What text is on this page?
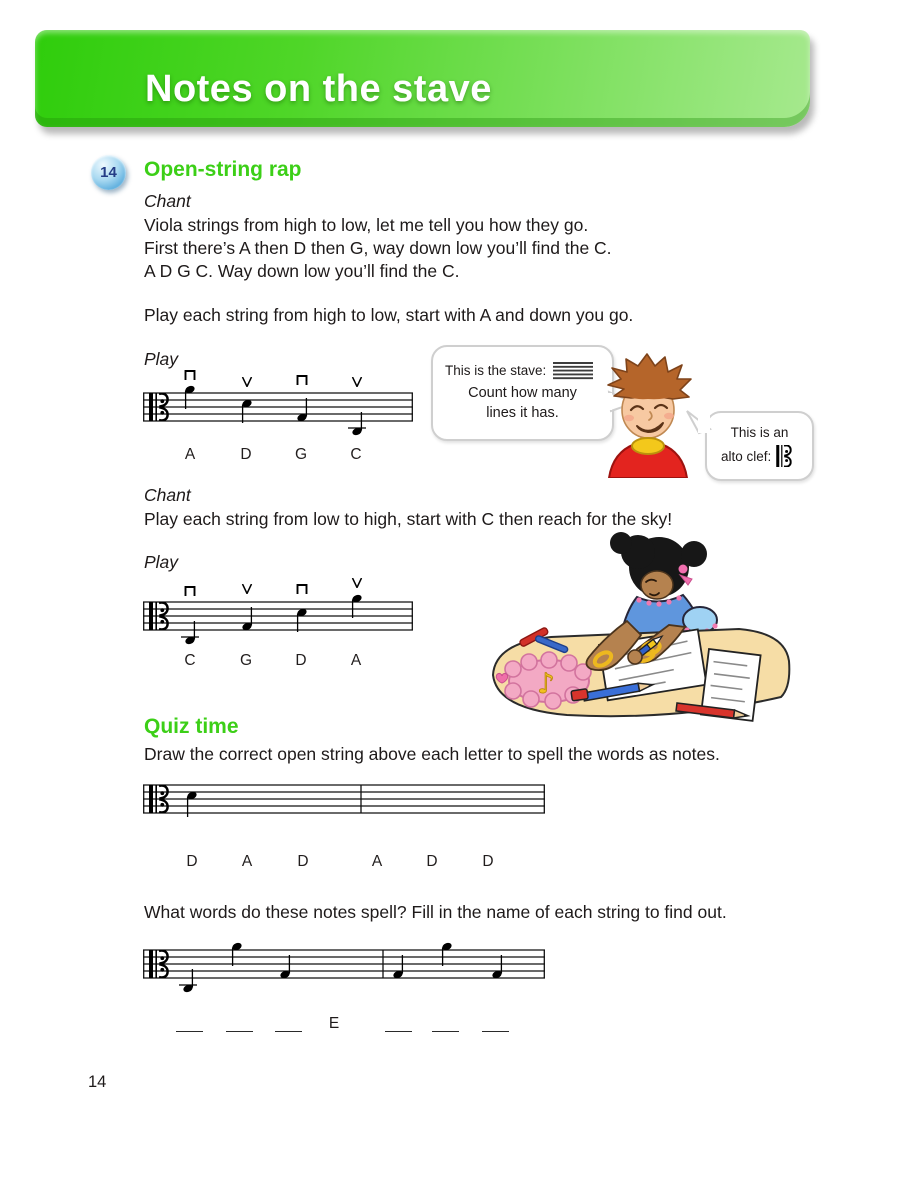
Notes on the stave
14 Open-string rap

Chant

Viola strings from high to low, let me tell you how they go.
First there’s A then D then G, way down low you’ll find the C.
A D G C. Way down low you’ll find the C.

Play each string from high to low, start with A and down you go.

Play

A	D	G	C
This is the stave:
Count how many
lines it has.
This is an
alto clef:

Chant

Play each string from low to high, start with C then reach for the sky!

Play

C	G	D	A
♪
Quiz time

Draw the correct open string above each letter to spell the words as notes.

D	A	D	A	D	D

What words do these notes spell? Fill in the name of each string to find out.

E
14
